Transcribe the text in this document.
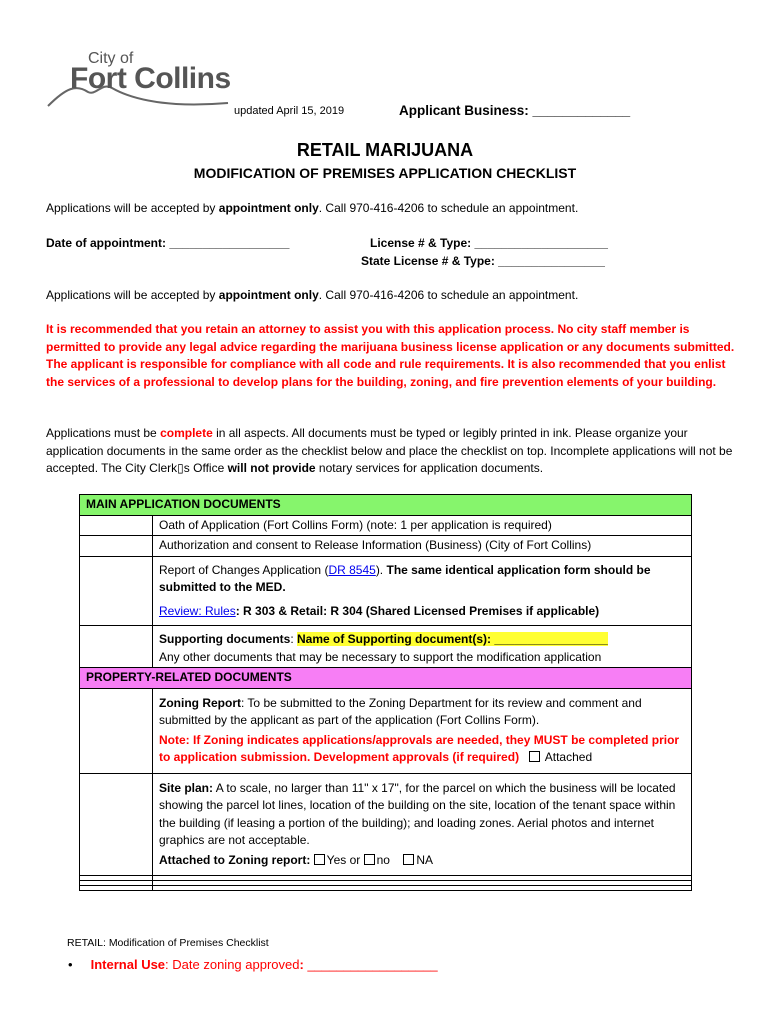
City of
Fort Collins
updated April 15, 2019	Applicant Business: _____________
RETAIL MARIJUANA
MODIFICATION OF PREMISES APPLICATION CHECKLIST
Applications will be accepted by appointment only. Call 970-416-4206 to schedule an appointment.
Date of appointment: __________________	License # & Type: ____________________
State License # & Type: ________________
Applications will be accepted by appointment only. Call 970-416-4206 to schedule an appointment.
It is recommended that you retain an attorney to assist you with this application process. No city staff member is permitted to provide any legal advice regarding the marijuana business license application or any documents submitted. The applicant is responsible for compliance with all code and rule requirements. It is also recommended that you enlist the services of a professional to develop plans for the building, zoning, and fire prevention elements of your building.
Applications must be complete in all aspects. All documents must be typed or legibly printed in ink. Please organize your application documents in the same order as the checklist below and place the checklist on top. Incomplete applications will not be accepted. The City Clerk▯s Office will not provide notary services for application documents.
MAIN APPLICATION DOCUMENTS	
	Oath of Application (Fort Collins Form) (note: 1 per application is required)
	Authorization and consent to Release Information (Business) (City of Fort Collins)
	Report of Changes Application (DR 8545). The same identical application form should be submitted to the MED.
Review: Rules: R 303 & Retail: R 304 (Shared Licensed Premises if applicable)
	Supporting documents: Name of Supporting document(s): _________________
Any other documents that may be necessary to support the modification application
PROPERTY-RELATED DOCUMENTS	
	Zoning Report: To be submitted to the Zoning Department for its review and comment and submitted by the applicant as part of the application (Fort Collins Form).
Note: If Zoning indicates applications/approvals are needed, they MUST be completed prior to application submission. Development approvals (if required) Attached
	Site plan: A to scale, no larger than 11" x 17", for the parcel on which the business will be located showing the parcel lot lines, location of the building on the site, location of the tenant space within the building (if leasing a portion of the building); and loading zones. Aerial photos and internet graphics are not acceptable.
Attached to Zoning report: Yes or no NA

RETAIL: Modification of Premises Checklist
• Internal Use: Date zoning approved: __________________
